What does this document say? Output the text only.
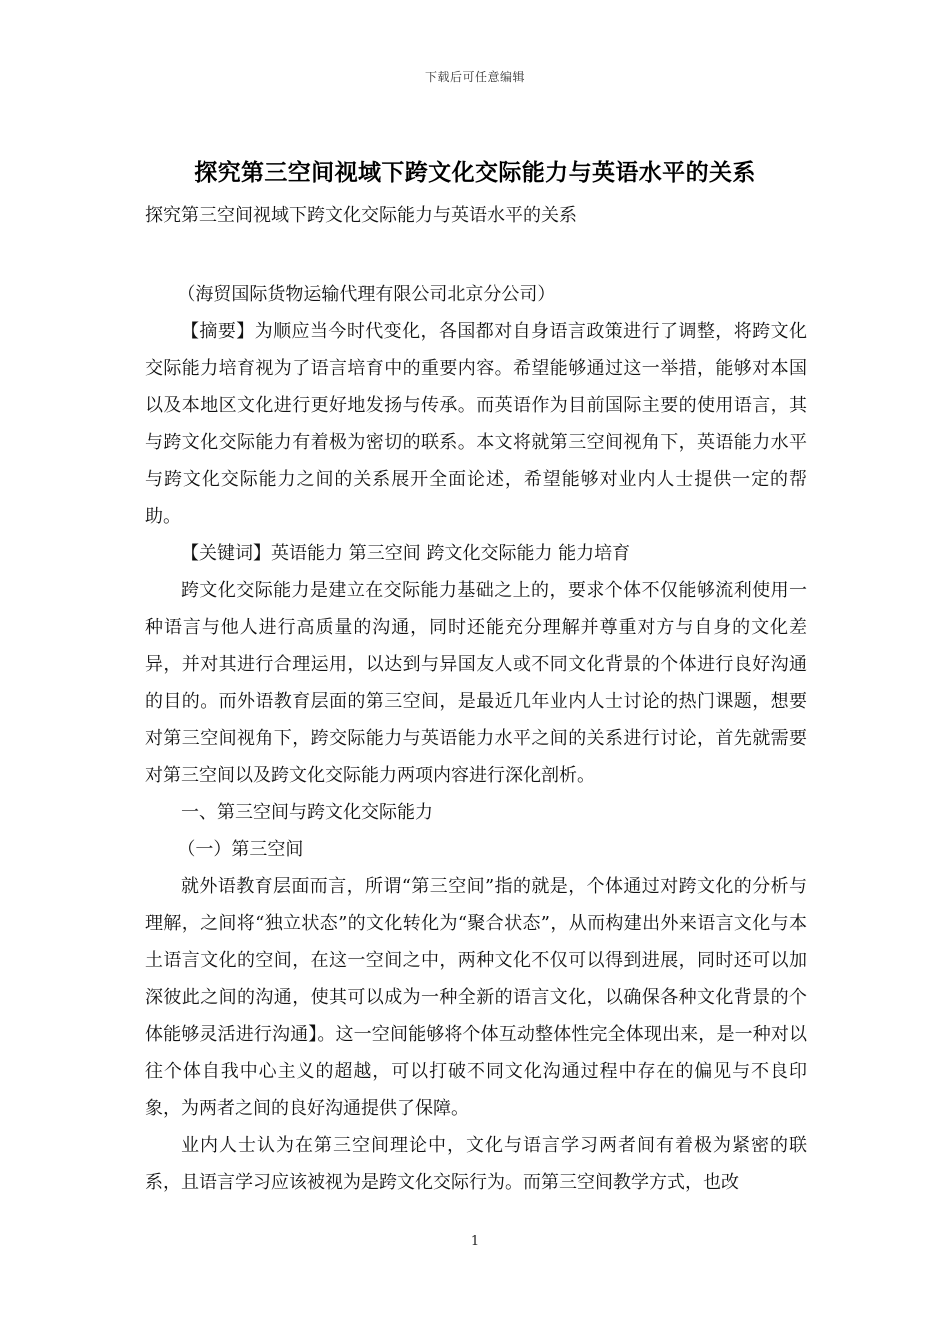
下载后可任意编辑
探究第三空间视域下跨文化交际能力与英语水平的关系
探究第三空间视域下跨文化交际能力与英语水平的关系

（海贸国际货物运输代理有限公司北京分公司）

【摘要】为顺应当今时代变化，各国都对自身语言政策进行了调整，将跨文化交际能力培育视为了语言培育中的重要内容。希望能够通过这一举措，能够对本国以及本地区文化进行更好地发扬与传承。而英语作为目前国际主要的使用语言，其与跨文化交际能力有着极为密切的联系。本文将就第三空间视角下，英语能力水平与跨文化交际能力之间的关系展开全面论述，希望能够对业内人士提供一定的帮助。

【关键词】英语能力 第三空间 跨文化交际能力 能力培育

跨文化交际能力是建立在交际能力基础之上的，要求个体不仅能够流利使用一种语言与他人进行高质量的沟通，同时还能充分理解并尊重对方与自身的文化差异，并对其进行合理运用，以达到与异国友人或不同文化背景的个体进行良好沟通的目的。而外语教育层面的第三空间，是最近几年业内人士讨论的热门课题，想要对第三空间视角下，跨交际能力与英语能力水平之间的关系进行讨论，首先就需要对第三空间以及跨文化交际能力两项内容进行深化剖析。

一、第三空间与跨文化交际能力

（一）第三空间

就外语教育层面而言，所谓“第三空间”指的就是，个体通过对跨文化的分析与理解，之间将“独立状态”的文化转化为“聚合状态”，从而构建出外来语言文化与本土语言文化的空间，在这一空间之中，两种文化不仅可以得到进展，同时还可以加深彼此之间的沟通，使其可以成为一种全新的语言文化，以确保各种文化背景的个体能够灵活进行沟通】。这一空间能够将个体互动整体性完全体现出来，是一种对以往个体自我中心主义的超越，可以打破不同文化沟通过程中存在的偏见与不良印象，为两者之间的良好沟通提供了保障。

业内人士认为在第三空间理论中，文化与语言学习两者间有着极为紧密的联系，且语言学习应该被视为是跨文化交际行为。而第三空间教学方式，也改

1
